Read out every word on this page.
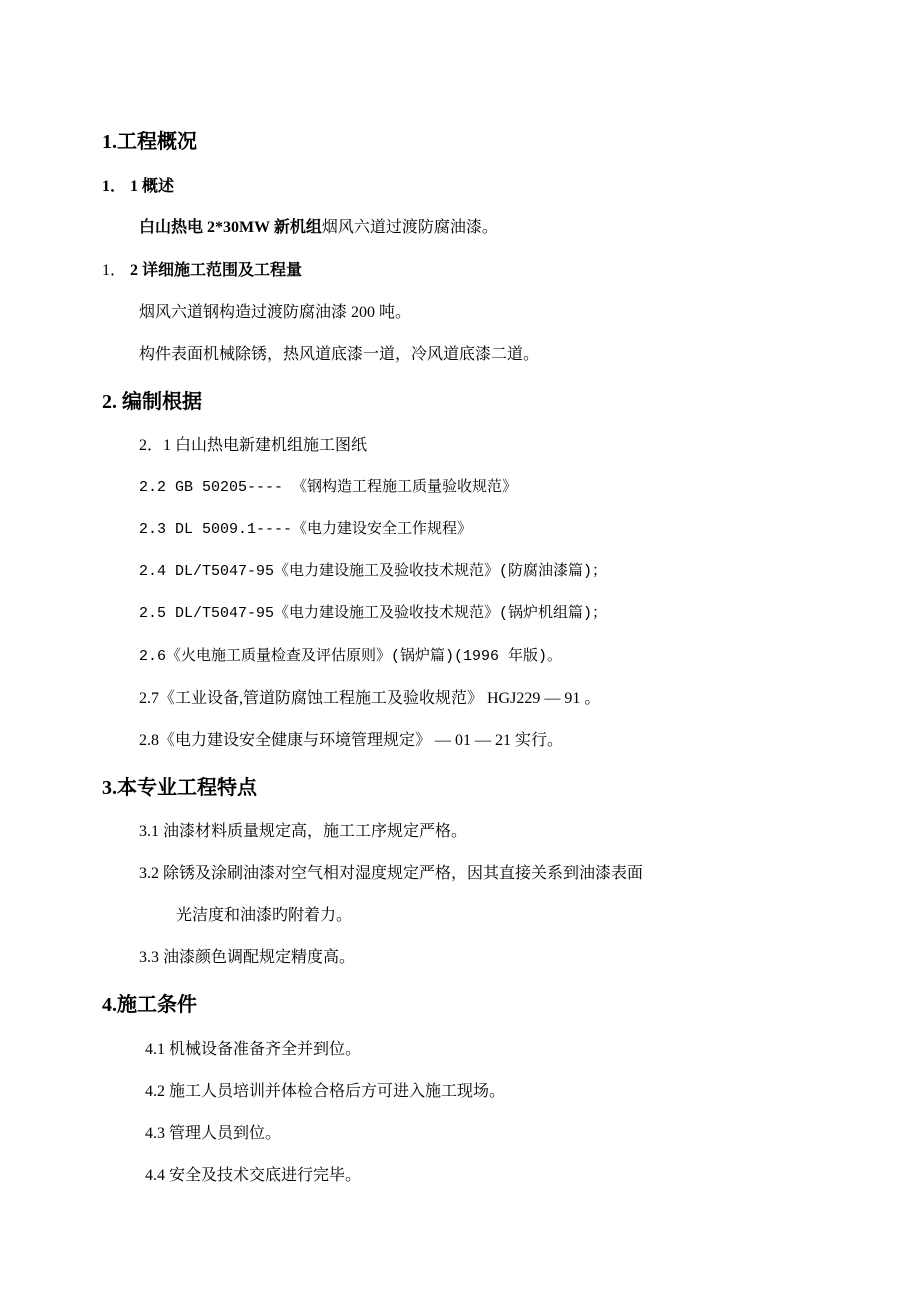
1.工程概况
1． 1 概述
白山热电 2*30MW 新机组烟风六道过渡防腐油漆。
1． 2 详细施工范围及工程量
烟风六道钢构造过渡防腐油漆 200 吨。
构件表面机械除锈，热风道底漆一道，冷风道底漆二道。
2. 编制根据
2．1 白山热电新建机组施工图纸
2.2 GB 50205---- 《钢构造工程施工质量验收规范》
2.3 DL 5009.1----《电力建设安全工作规程》
2.4 DL/T5047-95《电力建设施工及验收技术规范》(防腐油漆篇)；
2.5 DL/T5047-95《电力建设施工及验收技术规范》(锅炉机组篇)；
2.6《火电施工质量检查及评估原则》(锅炉篇)(1996 年版)。
2.7《工业设备,管道防腐蚀工程施工及验收规范》 HGJ229 — 91 。
2.8《电力建设安全健康与环境管理规定》 — 01 — 21 实行。
3.本专业工程特点
3.1 油漆材料质量规定高，施工工序规定严格。
3.2 除锈及涂刷油漆对空气相对湿度规定严格，因其直接关系到油漆表面
光洁度和油漆旳附着力。
3.3 油漆颜色调配规定精度高。
4.施工条件
4.1 机械设备准备齐全并到位。
4.2 施工人员培训并体检合格后方可进入施工现场。
4.3 管理人员到位。
4.4 安全及技术交底进行完毕。
